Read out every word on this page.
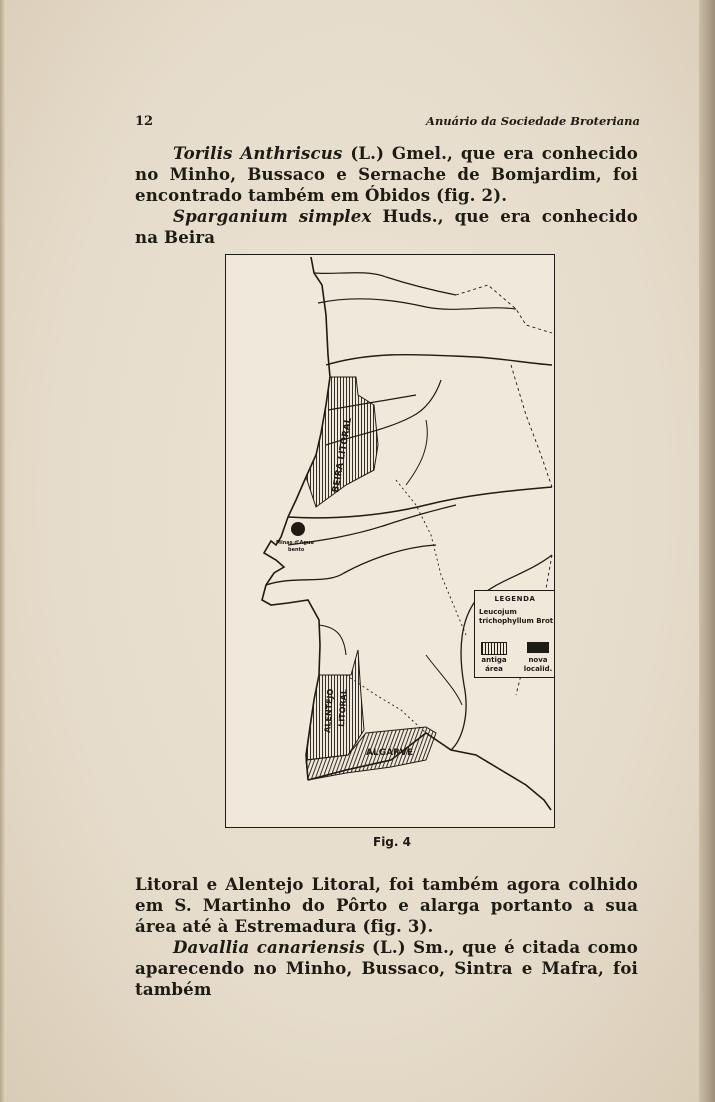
12	Anuário da Sociedade Broteriana
Torilis Anthriscus (L.) Gmel., que era conhecido no Minho, Bussaco e Sernache de Bomjardim, foi encontrado também em Óbidos (fig. 2).
Sparganium simplex Huds., que era conhecido na Beira
BEIRA LITORAL
ALENTEJO LITORAL
ALGARVE
Minas d'Agua
bento
LEGENDA
Leucojum
trichophyllum Brot
antiga área
nova localid.
Fig. 4
Litoral e Alentejo Litoral, foi também agora colhido em S. Martinho do Pôrto e alarga portanto a sua área até à Estremadura (fig. 3).
Davallia canariensis (L.) Sm., que é citada como aparecendo no Minho, Bussaco, Sintra e Mafra, foi também
